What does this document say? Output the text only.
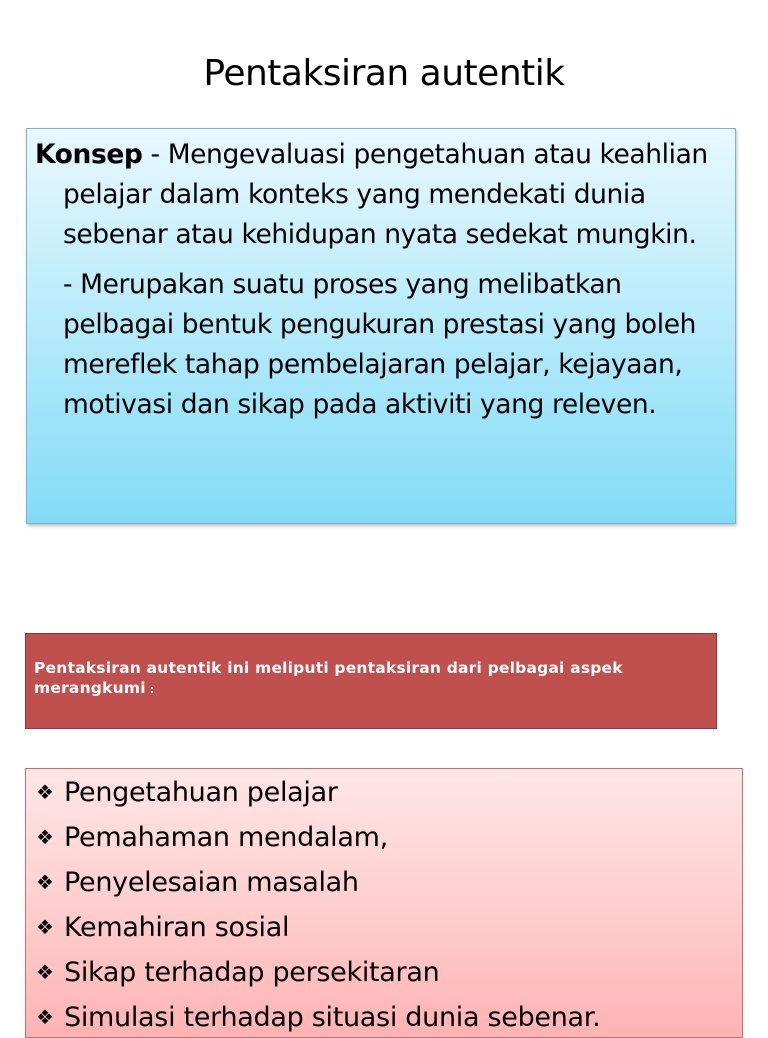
Pentaksiran autentik

Konsep - Mengevaluasi pengetahuan atau keahlian pelajar dalam konteks yang mendekati dunia sebenar atau kehidupan nyata sedekat mungkin.

- Merupakan suatu proses yang melibatkan pelbagai bentuk pengukuran prestasi yang boleh mereflek tahap pembelajaran pelajar, kejayaan, motivasi dan sikap pada aktiviti yang releven.

Pentaksiran autentik ini meliputi pentaksiran dari pelbagai aspek merangkumi :
❖ Pengetahuan pelajar
❖ Pemahaman mendalam,
❖ Penyelesaian masalah
❖ Kemahiran sosial
❖ Sikap terhadap persekitaran
❖ Simulasi terhadap situasi dunia sebenar.
